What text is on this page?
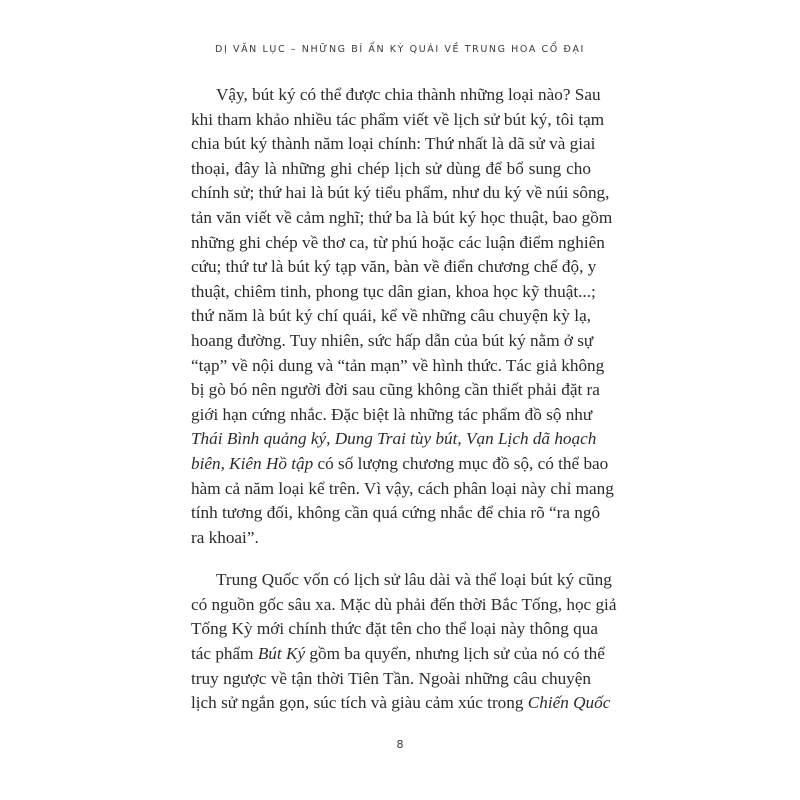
DỊ VĂN LỤC – NHỮNG BÍ ẨN KỲ QUÁI VỀ TRUNG HOA CỔ ĐẠI
Vậy, bút ký có thể được chia thành những loại nào? Sau
khi tham khảo nhiều tác phẩm viết về lịch sử bút ký, tôi tạm
chia bút ký thành năm loại chính: Thứ nhất là dã sử và giai
thoại, đây là những ghi chép lịch sử dùng để bổ sung cho
chính sử; thứ hai là bút ký tiểu phẩm, như du ký về núi sông,
tản văn viết về cảm nghĩ; thứ ba là bút ký học thuật, bao gồm
những ghi chép về thơ ca, từ phú hoặc các luận điểm nghiên
cứu; thứ tư là bút ký tạp văn, bàn về điển chương chế độ, y
thuật, chiêm tinh, phong tục dân gian, khoa học kỹ thuật...;
thứ năm là bút ký chí quái, kể về những câu chuyện kỳ lạ,
hoang đường. Tuy nhiên, sức hấp dẫn của bút ký nằm ở sự
“tạp” về nội dung và “tản mạn” về hình thức. Tác giả không
bị gò bó nên người đời sau cũng không cần thiết phải đặt ra
giới hạn cứng nhắc. Đặc biệt là những tác phẩm đồ sộ như
Thái Bình quảng ký, Dung Trai tùy bút, Vạn Lịch dã hoạch
biên, Kiên Hồ tập có số lượng chương mục đồ sộ, có thể bao
hàm cả năm loại kể trên. Vì vậy, cách phân loại này chỉ mang
tính tương đối, không cần quá cứng nhắc để chia rõ “ra ngô
ra khoai”.
Trung Quốc vốn có lịch sử lâu dài và thể loại bút ký cũng
có nguồn gốc sâu xa. Mặc dù phải đến thời Bắc Tống, học giả
Tống Kỳ mới chính thức đặt tên cho thể loại này thông qua
tác phẩm Bút Ký gồm ba quyển, nhưng lịch sử của nó có thể
truy ngược về tận thời Tiên Tần. Ngoài những câu chuyện
lịch sử ngắn gọn, súc tích và giàu cảm xúc trong Chiến Quốc
8
